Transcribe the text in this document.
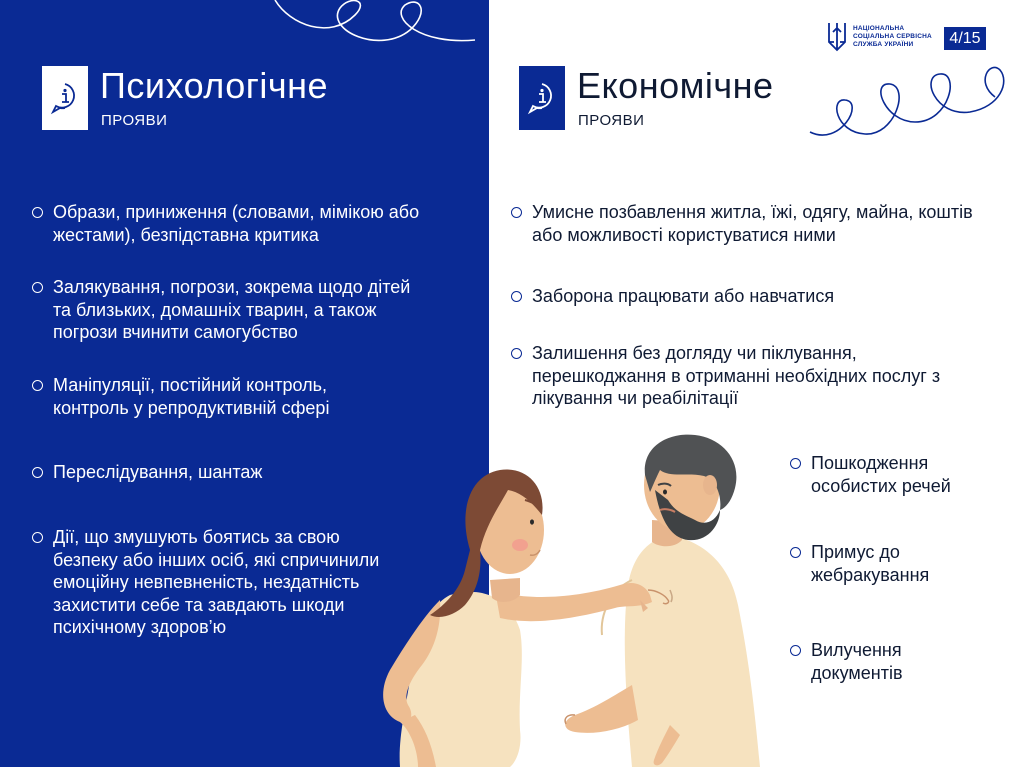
Психологічне
ПРОЯВИ
Економічне
ПРОЯВИ
НАЦІОНАЛЬНА
СОЦІАЛЬНА СЕРВІСНА
СЛУЖБА УКРАЇНИ	4/15
Образи, приниження (словами, мімікою або жестами), безпідставна критика
Залякування, погрози, зокрема щодо дітей та близьких, домашніх тварин, а також погрози вчинити самогубство
Маніпуляції, постійний контроль, контроль у репродуктивній сфері
Переслідування, шантаж
Дії, що змушують боятись за свою безпеку або інших осіб, які спричинили емоційну невпевненість, нездатність захистити себе та завдають шкоди психічному здоров’ю
Умисне позбавлення житла, їжі, одягу, майна, коштів або можливості користуватися ними
Заборона працювати або навчатися
Залишення без догляду чи піклування, перешкоджання в отриманні необхідних послуг з лікування чи реабілітації
Пошкодження особистих речей
Примус до жебракування
Вилучення документів
